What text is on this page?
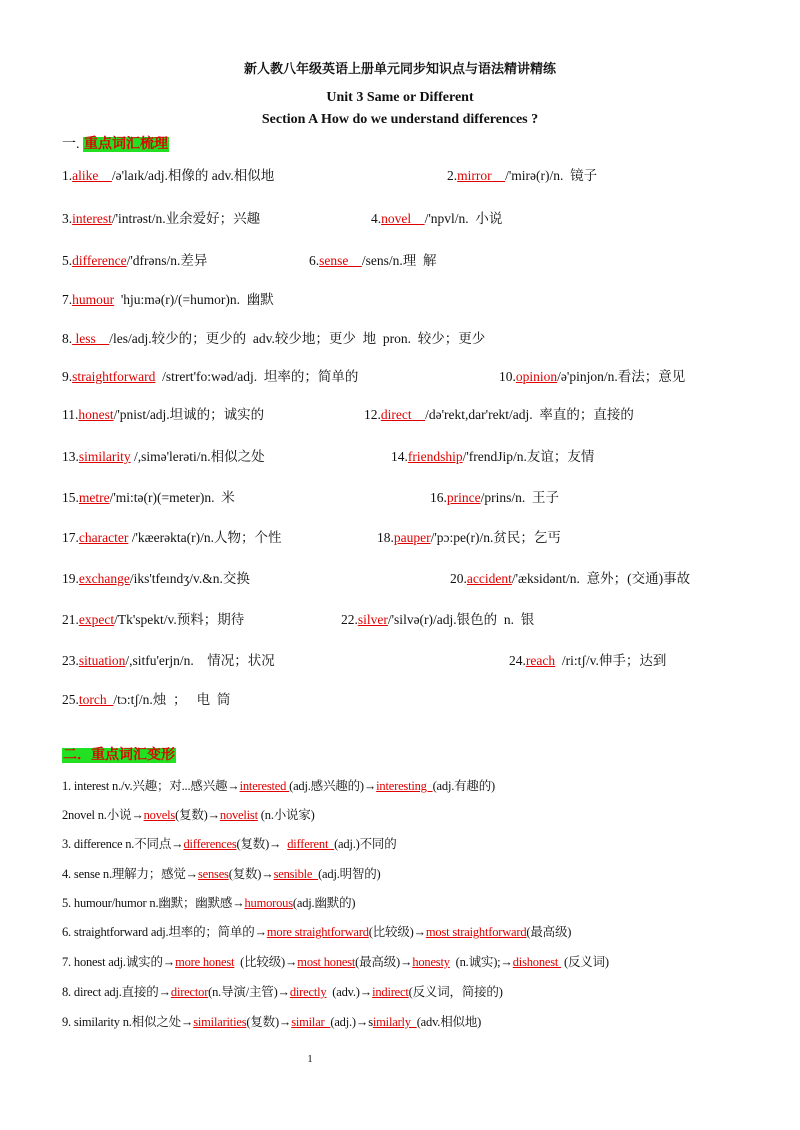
新人教八年级英语上册单元同步知识点与语法精讲精练
Unit 3 Same or Different
Section A How do we understand differences ?
一. 重点词汇梳理
1.alike    /ə'laɪk/adj.相像的 adv.相似地	2.mirror    /'mirə(r)/n.  镜子
3.interest/'intrəst/n.业余爱好；兴趣	4.novel    /'npvl/n.  小说
5.difference/'dfrəns/n.差异	6.sense    /sens/n.理  解
7.humour  'hju:mə(r)/(=humor)n.  幽默
8. less    /les/adj.较少的；更少的  adv.较少地；更少  地  pron.  较少；更少
9.straightforward  /strert'fo:wəd/adj.  坦率的；简单的	10.opinion/ə'pinjon/n.看法；意见
11.honest/'pnist/adj.坦诚的；诚实的	12.direct    /də'rekt,dar'rekt/adj.  率直的；直接的
13.similarity /,simə'lerəti/n.相似之处	14.friendship/'frendJip/n.友谊；友情
15.metre/'mi:tə(r)(=meter)n.  米	16.prince/prins/n.  王子
17.character /'kæerəkta(r)/n.人物；个性	18.pauper/'pɔ:pe(r)/n.贫民；乞丐
19.exchange/iks'tfeındʒ/v.&n.交换	20.accident/'æksidənt/n.  意外；(交通)事故
21.expect/Tk'spekt/v.预料；期待	22.silver/'silvə(r)/adj.银色的  n.  银
23.situation/,sitfu'erjn/n.    情况；状况	24.reach  /ri:tʃ/v.伸手；达到
25.torch  /tɔ:tʃ/n.烛  ；   电  筒
二．重点词汇变形
1. interest n./v.兴趣；对...感兴趣→interested (adj.感兴趣的)→interesting  (adj.有趣的)
2novel n.小说→novels(复数)→novelist (n.小说家)
3. difference n.不同点→differences(复数)→  different  (adj.)不同的
4. sense n.理解力；感觉→senses(复数)→sensible  (adj.明智的)
5. humour/humor n.幽默；幽默感→humorous(adj.幽默的)
6. straightforward adj.坦率的；简单的→more straightforward(比较级)→most straightforward(最高级)
7. honest adj.诚实的→more honest  (比较级)→most honest(最高级)→honesty  (n.诚实);→dishonest  (反义词)
8. direct adj.直接的→director(n.导演/主管)→directly  (adv.)→indirect(反义词，简接的)
9. similarity n.相似之处→similarities(复数)→similar  (adj.)→similarly  (adv.相似地)
1
